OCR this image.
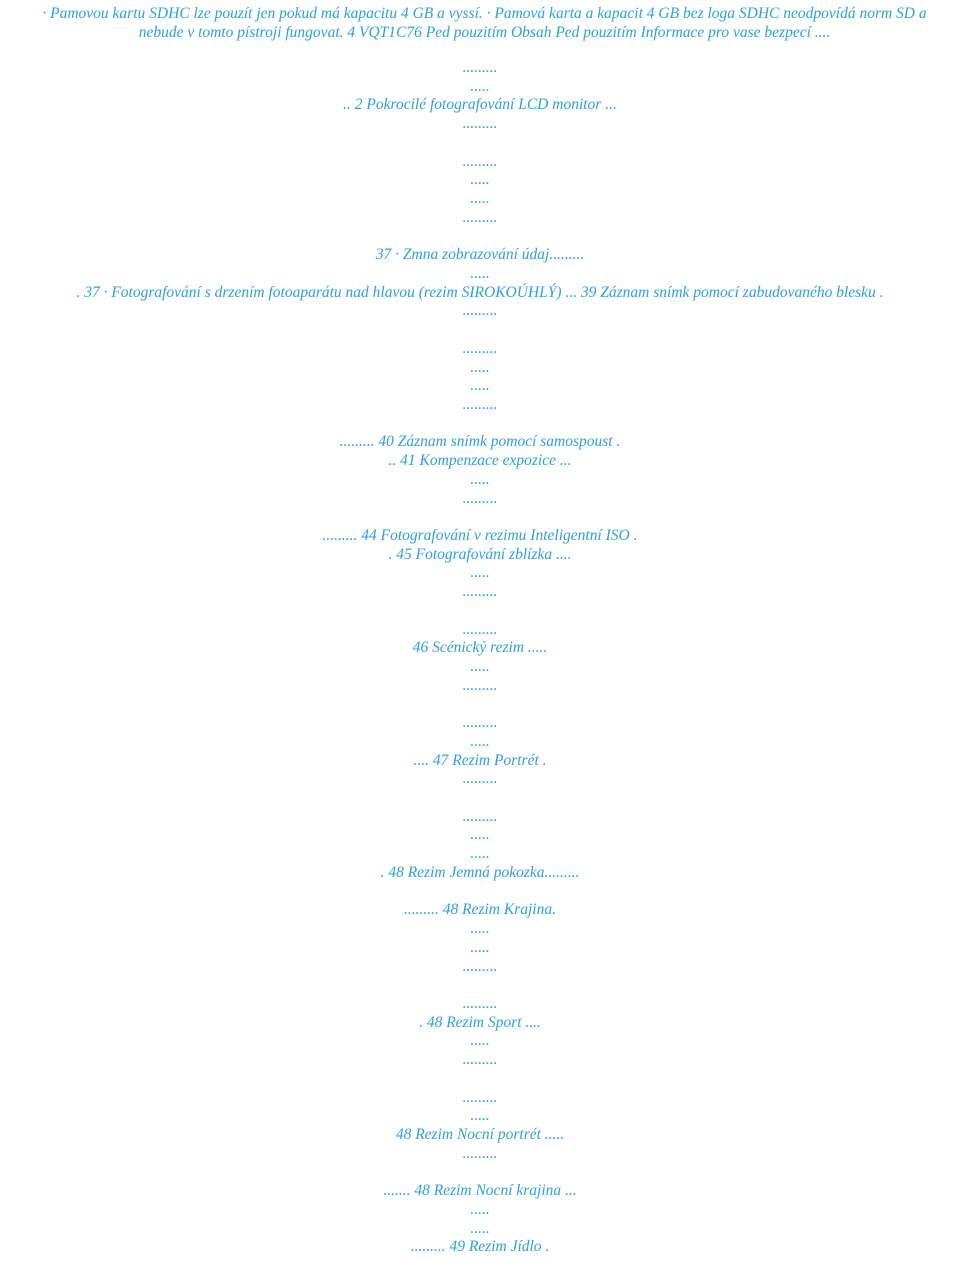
· Pamovou kartu SDHC lze pouzít jen pokud má kapacitu 4 GB a vyssí. · Pamová karta a kapacit 4 GB bez loga SDHC neodpovídá norm SD a nebude v tomto pístroji fungovat. 4 VQT1C76 Ped pouzitím Obsah Ped pouzitím Informace pro vase bezpecí ....

.........
.....
.. 2 Pokrocilé fotografování LCD monitor ...
.........
.........
.....
.....
.........
37 · Zmna zobrazování údaj.........
.....
. 37 · Fotografování s drzením fotoaparátu nad hlavou (rezim SIROKOÚHLÝ) ... 39 Záznam snímk pomocí zabudovaného blesku .
.........
.........
.....
.....
.........
......... 40 Záznam snímk pomocí samospoust .
.. 41 Kompenzace expozice ...
.....
.........
......... 44 Fotografování v rezimu Inteligentní ISO .
. 45 Fotografování zblízka ....
.....
.........
.........
46 Scénický rezim .....
.....
.........
.........
.....
.... 47 Rezim Portrét .
.........
.........
.....
.....
. 48 Rezim Jemná pokozka.........
......... 48 Rezim Krajina.
.....
.....
.........
.........
. 48 Rezim Sport ....
.....
.........
.........
.....
48 Rezim Nocní portrét .....
.........
....... 48 Rezim Nocní krajina ...
.....
.....
......... 49 Rezim Jídlo .
